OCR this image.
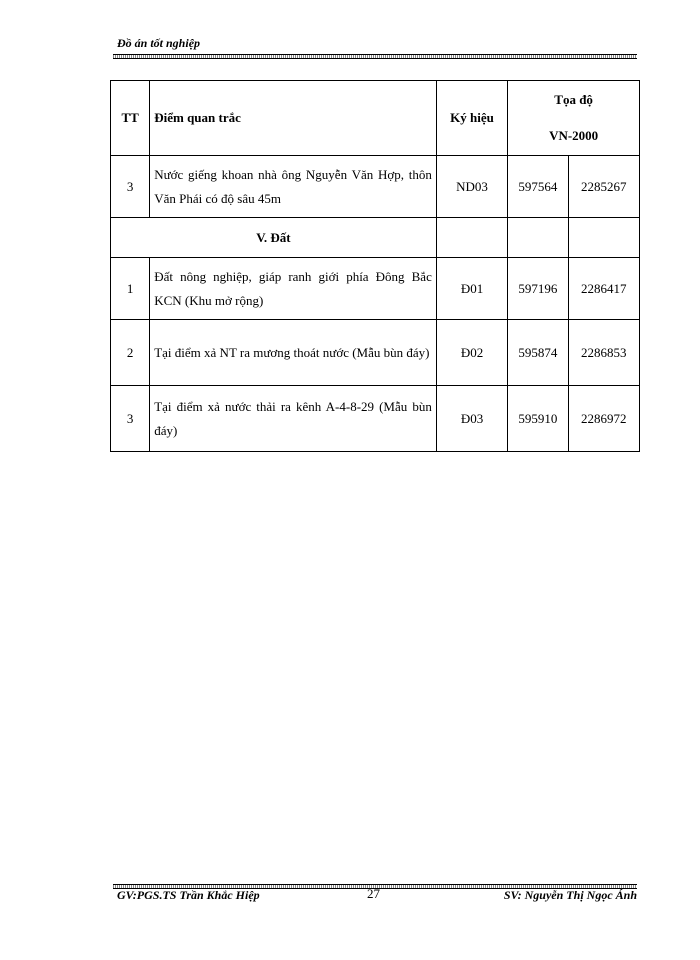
Đồ án tốt nghiệp
TT	Điểm quan trắc	Ký hiệu	Tọa độ
VN-2000	

3	Nước giếng khoan nhà ông Nguyễn Văn Hợp, thôn Văn Phái có độ sâu 45m	ND03	597564	2285267
V. Đất				
1	Đất nông nghiệp, giáp ranh giới phía Đông Bắc KCN (Khu mở rộng)	Đ01	597196	2286417
2	Tại điểm xả NT ra mương thoát nước (Mẫu bùn đáy)	Đ02	595874	2286853
3	Tại điểm xả nước thải ra kênh A-4-8-29 (Mẫu bùn đáy)	Đ03	595910	2286972
GV:PGS.TS Trần Khắc Hiệp	27	SV: Nguyễn Thị Ngọc Ánh
